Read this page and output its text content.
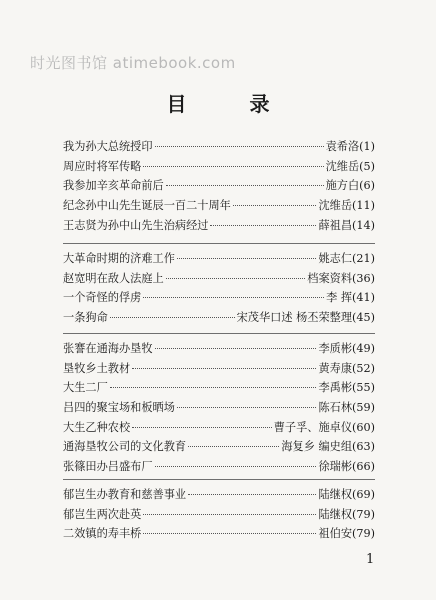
时光图书馆 atimebook.com
目 录
我为孙大总统授印	袁希洛 (1)
周应时将军传略	沈维岳 (5)
我参加辛亥革命前后	施方白 (6)
纪念孙中山先生诞辰一百二十周年	沈维岳 (11)
王志贤为孙中山先生治病经过	薛祖昌 (14)
大革命时期的济难工作	姚志仁 (21)
赵宽明在敌人法庭上	档案资料 (36)
一个奇怪的俘虏	李 挥 (41)
一条狗命	宋茂华口述 杨丕荣整理 (45)
张謇在通海办垦牧	李质彬 (49)
垦牧乡土教材	黄寿康 (52)
大生二厂	李禹彬 (55)
吕四的聚宝场和板晒场	陈石林 (59)
大生乙种农校	曹子孚、施卓仪 (60)
通海垦牧公司的文化教育	海复乡 编史组 (63)
张篠田办吕盛布厂	徐瑞彬 (66)
郁岂生办教育和慈善事业	陆继权 (69)
郁岂生两次赴英	陆继权 (79)
二效镇的寿丰桥	祖伯安 (79)
1
